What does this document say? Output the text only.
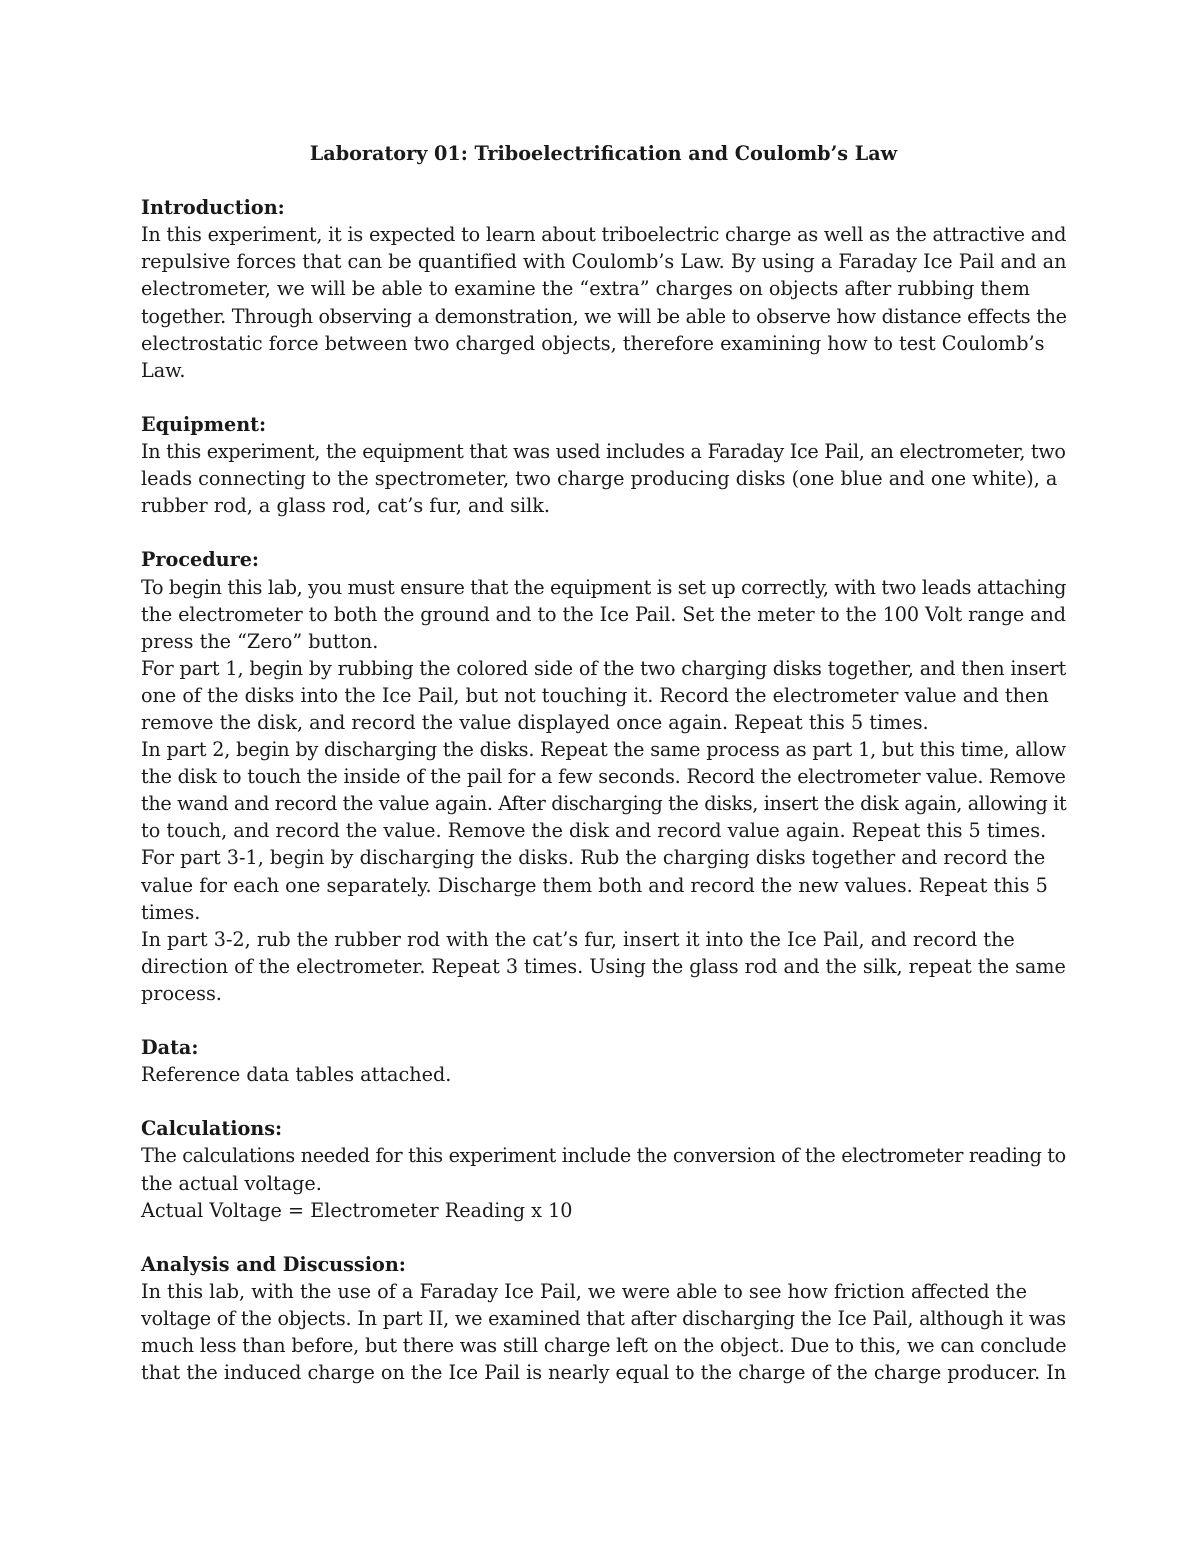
Laboratory 01: Triboelectrification and Coulomb’s Law
Introduction:
In this experiment, it is expected to learn about triboelectric charge as well as the attractive and
repulsive forces that can be quantified with Coulomb’s Law. By using a Faraday Ice Pail and an
electrometer, we will be able to examine the “extra” charges on objects after rubbing them
together. Through observing a demonstration, we will be able to observe how distance effects the
electrostatic force between two charged objects, therefore examining how to test Coulomb’s
Law.
Equipment:
In this experiment, the equipment that was used includes a Faraday Ice Pail, an electrometer, two
leads connecting to the spectrometer, two charge producing disks (one blue and one white), a
rubber rod, a glass rod, cat’s fur, and silk.
Procedure:
To begin this lab, you must ensure that the equipment is set up correctly, with two leads attaching
the electrometer to both the ground and to the Ice Pail. Set the meter to the 100 Volt range and
press the “Zero” button.
For part 1, begin by rubbing the colored side of the two charging disks together, and then insert
one of the disks into the Ice Pail, but not touching it. Record the electrometer value and then
remove the disk, and record the value displayed once again. Repeat this 5 times.
In part 2, begin by discharging the disks. Repeat the same process as part 1, but this time, allow
the disk to touch the inside of the pail for a few seconds. Record the electrometer value. Remove
the wand and record the value again. After discharging the disks, insert the disk again, allowing it
to touch, and record the value. Remove the disk and record value again. Repeat this 5 times.
For part 3-1, begin by discharging the disks. Rub the charging disks together and record the
value for each one separately. Discharge them both and record the new values. Repeat this 5
times.
In part 3-2, rub the rubber rod with the cat’s fur, insert it into the Ice Pail, and record the
direction of the electrometer. Repeat 3 times. Using the glass rod and the silk, repeat the same
process.
Data:
Reference data tables attached.
Calculations:
The calculations needed for this experiment include the conversion of the electrometer reading to
the actual voltage.
Actual Voltage = Electrometer Reading x 10
Analysis and Discussion:
In this lab, with the use of a Faraday Ice Pail, we were able to see how friction affected the
voltage of the objects. In part II, we examined that after discharging the Ice Pail, although it was
much less than before, but there was still charge left on the object. Due to this, we can conclude
that the induced charge on the Ice Pail is nearly equal to the charge of the charge producer. In
